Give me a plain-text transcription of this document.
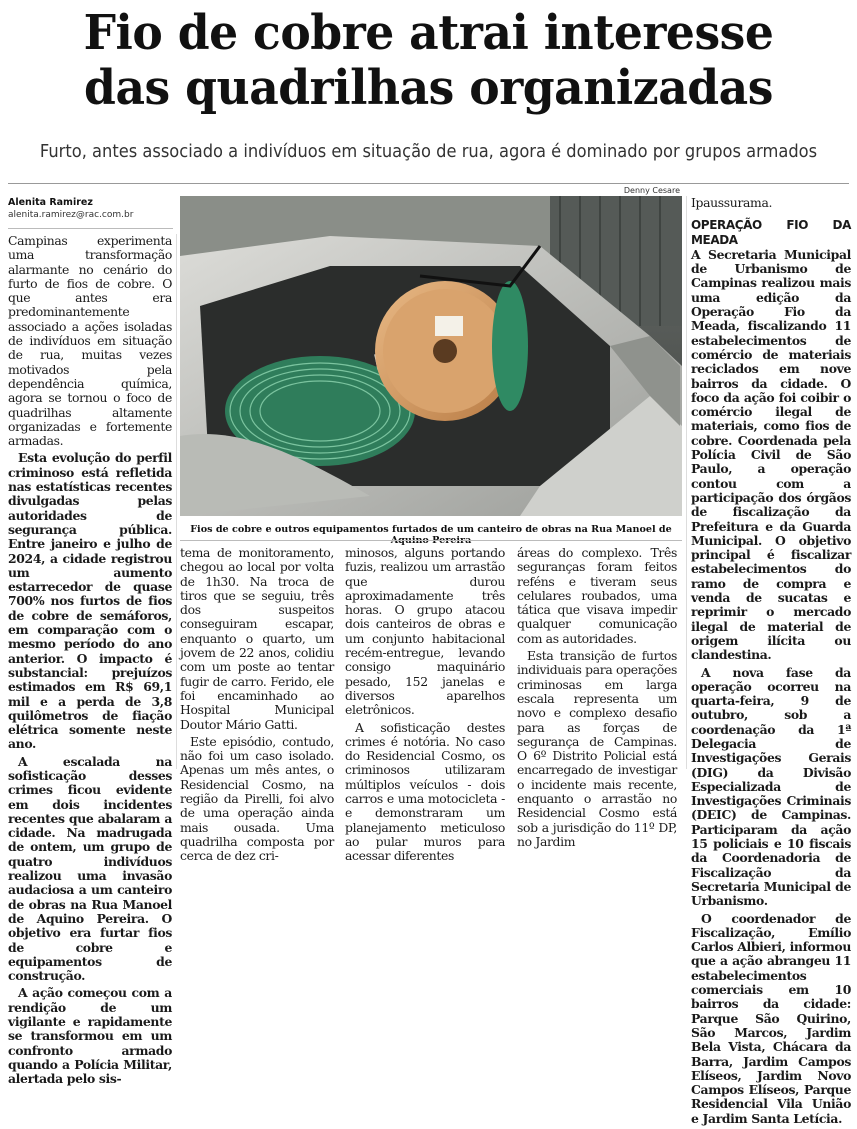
Fio de cobre atrai interesse
das quadrilhas organizadas
Furto, antes associado a indivíduos em situação de rua, agora é dominado por grupos armados
Alenita Ramirez
alenita.ramirez@rac.com.br
Denny Cesare
Fios de cobre e outros equipamentos furtados de um canteiro de obras na Rua Manoel de

Campinas experimenta uma transformação alarmante no cenário do furto de fios de cobre. O que antes era predominantemente associado a ações isoladas de indivíduos em situação de rua, muitas vezes motivados pela dependência química, agora se tornou o foco de quadrilhas altamente organizadas e fortemente armadas.

Esta evolução do perfil criminoso está refletida nas estatísticas recentes divulgadas pelas autoridades de segurança pública. Entre janeiro e julho de 2024, a cidade registrou um aumento estarrecedor de quase 700% nos furtos de fios de cobre de semáforos, em comparação com o mesmo período do ano anterior. O impacto é substancial: prejuízos estimados em R$ 69,1 mil e a perda de 3,8 quilômetros de fiação elétrica somente neste ano.

A escalada na sofisticação desses crimes ficou evidente em dois incidentes recentes que abalaram a cidade. Na madrugada de ontem, um grupo de quatro indivíduos realizou uma invasão audaciosa a um canteiro de obras na Rua Manoel de Aquino Pereira. O objetivo era furtar fios de cobre e equipamentos de construção.

A ação começou com a rendição de um vigilante e rapidamente se transformou em um confronto armado quando a Polícia Militar, alertada pelo sis-

tema de monitoramento, chegou ao local por volta de 1h30. Na troca de tiros que se seguiu, três dos suspeitos conseguiram escapar, enquanto o quarto, um jovem de 22 anos, colidiu com um poste ao tentar fugir de carro. Ferido, ele foi encaminhado ao Hospital Municipal Doutor Mário Gatti.

Este episódio, contudo, não foi um caso isolado. Apenas um mês antes, o Residencial Cosmo, na região da Pirelli, foi alvo de uma operação ainda mais ousada. Uma quadrilha composta por cerca de dez cri-

minosos, alguns portando fuzis, realizou um arrastão que durou aproximadamente três horas. O grupo atacou dois canteiros de obras e um conjunto habitacional recém-entregue, levando consigo maquinário pesado, 152 janelas e diversos aparelhos eletrônicos.

A sofisticação destes crimes é notória. No caso do Residencial Cosmo, os criminosos utilizaram múltiplos veículos - dois carros e uma motocicleta - e demonstraram um planejamento meticuloso ao pular muros para acessar diferentes

áreas do complexo. Três seguranças foram feitos reféns e tiveram seus celulares roubados, uma tática que visava impedir qualquer comunicação com as autoridades.

Esta transição de furtos individuais para operações criminosas em larga escala representa um novo e complexo desafio para as forças de segurança de Campinas. O 6º Distrito Policial está encarregado de investigar o incidente mais recente, enquanto o arrastão no Residencial Cosmo está sob a jurisdição do 11º DP, no Jardim

Ipaussurama.

OPERAÇÃO FIO DA MEADA

A Secretaria Municipal de Urbanismo de Campinas realizou mais uma edição da Operação Fio da Meada, fiscalizando 11 estabelecimentos de comércio de materiais reciclados em nove bairros da cidade. O foco da ação foi coibir o comércio ilegal de materiais, como fios de cobre. Coordenada pela Polícia Civil de São Paulo, a operação contou com a participação dos órgãos de fiscalização da Prefeitura e da Guarda Municipal. O objetivo principal é fiscalizar estabelecimentos do ramo de compra e venda de sucatas e reprimir o mercado ilegal de material de origem ilícita ou clandestina.

A nova fase da operação ocorreu na quarta-feira, 9 de outubro, sob a coordenação da 1ª Delegacia de Investigações Gerais (DIG) da Divisão Especializada de Investigações Criminais (DEIC) de Campinas. Participaram da ação 15 policiais e 10 fiscais da Coordenadoria de Fiscalização da Secretaria Municipal de Urbanismo.

O coordenador de Fiscalização, Emílio Carlos Albieri, informou que a ação abrangeu 11 estabelecimentos comerciais em 10 bairros da cidade: Parque São Quirino, São Marcos, Jardim Bela Vista, Chácara da Barra, Jardim Campos Elíseos, Jardim Novo Campos Elíseos, Parque Residencial Vila União e Jardim Santa Letícia.
